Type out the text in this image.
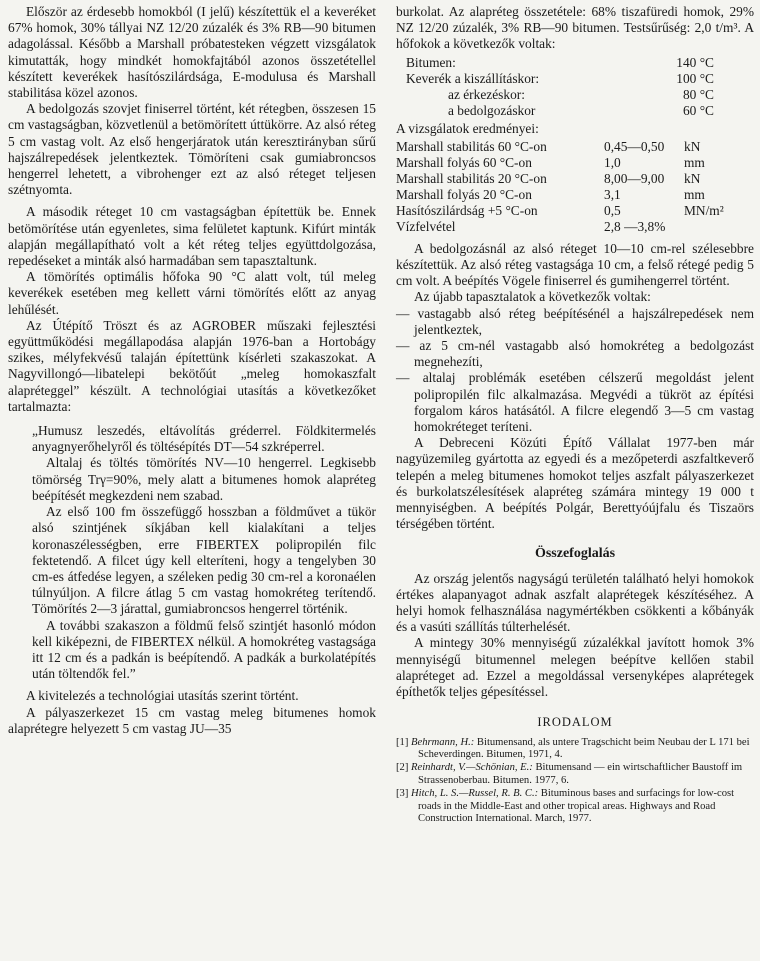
Először az érdesebb homokból (I jelű) készítettük el a keveréket 67% homok, 30% tállyai NZ 12/20 zúzalék és 3% RB—90 bitumen adagolással. Később a Marshall próbatesteken végzett vizsgálatok kimutatták, hogy mindkét homokfajtából azonos összetétellel készített keverékek hasítószilárdsága, E-modulusa és Marshall stabilitása közel azonos.

A bedolgozás szovjet finiserrel történt, két rétegben, összesen 15 cm vastagságban, közvetlenül a betömörített úttükörre. Az alsó réteg 5 cm vastag volt. Az első hengerjáratok után keresztirányban sűrű hajszálrepedések jelentkeztek. Tömöríteni csak gumiabroncsos hengerrel lehetett, a vibrohenger ezt az alsó réteget teljesen szétnyomta.

A második réteget 10 cm vastagságban építettük be. Ennek betömörítése után egyenletes, sima felületet kaptunk. Kifúrt minták alapján megállapítható volt a két réteg teljes együttdolgozása, repedéseket a minták alsó harmadában sem tapasztaltunk.

A tömörítés optimális hőfoka 90 °C alatt volt, túl meleg keverékek esetében meg kellett várni tömörítés előtt az anyag lehűlését.

Az Útépítő Tröszt és az AGROBER műszaki fejlesztési együttműködési megállapodása alapján 1976-ban a Hortobágy szikes, mélyfekvésű talaján építettünk kísérleti szakaszokat. A Nagyvillongó—libatelepi bekötőút „meleg homokaszfalt alapréteggel” készült. A technológiai utasítás a következőket tartalmazta:

„Humusz leszedés, eltávolítás gréderrel. Földkitermelés anyagnyerőhelyről és töltésépítés DT—54 szkréperrel.

Altalaj és töltés tömörítés NV—10 hengerrel. Legkisebb tömörség Trγ=90%, mely alatt a bitumenes homok alapréteg beépítését megkezdeni nem szabad.

Az első 100 fm összefüggő hosszban a földművet a tükör alsó szintjének síkjában kell kialakítani a teljes koronaszélességben, erre FIBERTEX polipropilén filc fektetendő. A filcet úgy kell elteríteni, hogy a tengelyben 30 cm-es átfedése legyen, a széleken pedig 30 cm-rel a koronaélen túlnyúljon. A filcre átlag 5 cm vastag homokréteg terítendő. Tömörítés 2—3 járattal, gumiabroncsos hengerrel történik.

A további szakaszon a földmű felső szintjét hasonló módon kell kiképezni, de FIBERTEX nélkül. A homokréteg vastagsága itt 12 cm és a padkán is beépítendő. A padkák a burkolatépítés után töltendők fel.”

A kivitelezés a technológiai utasítás szerint történt.

A pályaszerkezet 15 cm vastag meleg bitumenes homok alaprétegre helyezett 5 cm vastag JU—35

burkolat. Az alapréteg összetétele: 68% tiszafüredi homok, 29% NZ 12/20 zúzalék, 3% RB—90 bitumen. Testsűrűség: 2,0 t/m³. A hőfokok a következők voltak:

Bitumen:	140 °C
Keverék a kiszállításkor:	100 °C
az érkezéskor:	80 °C
a bedolgozáskor	60 °C

A vizsgálatok eredményei:

Marshall stabilitás 60 °C-on	0,45—0,50	kN
Marshall folyás 60 °C-on	1,0	mm
Marshall stabilitás 20 °C-on	8,00—9,00	kN
Marshall folyás 20 °C-on	3,1	mm
Hasítószilárdság +5 °C-on	0,5	MN/m²
Vízfelvétel	2,8 —3,8%	

A bedolgozásnál az alsó réteget 10—10 cm-rel szélesebbre készítettük. Az alsó réteg vastagsága 10 cm, a felső rétegé pedig 5 cm volt. A beépítés Vögele finiserrel és gumihengerrel történt.

Az újabb tapasztalatok a következők voltak:

— vastagabb alsó réteg beépítésénél a hajszálrepedések nem jelentkeztek,

— az 5 cm-nél vastagabb alsó homokréteg a bedolgozást megnehezíti,

— altalaj problémák esetében célszerű megoldást jelent polipropilén filc alkalmazása. Megvédi a tükröt az építési forgalom káros hatásától. A filcre elegendő 3—5 cm vastag homokréteget teríteni.

A Debreceni Közúti Építő Vállalat 1977-ben már nagyüzemileg gyártotta az egyedi és a mezőpeterdi aszfaltkeverő telepén a meleg bitumenes homokot teljes aszfalt pályaszerkezet és burkolatszélesítések alapréteg számára mintegy 19 000 t mennyiségben. A beépítés Polgár, Berettyóújfalu és Tiszaörs térségében történt.

Összefoglalás

Az ország jelentős nagyságú területén található helyi homokok értékes alapanyagot adnak aszfalt alaprétegek készítéséhez. A helyi homok felhasználása nagymértékben csökkenti a kőbányák és a vasúti szállítás túlterhelését.

A mintegy 30% mennyiségű zúzalékkal javított homok 3% mennyiségű bitumennel melegen beépítve kellően stabil alapréteget ad. Ezzel a megoldással versenyképes alaprétegek építhetők teljes gépesítéssel.

IRODALOM
[1] Behrmann, H.: Bitumensand, als untere Tragschicht beim Neubau der L 171 bei Scheverdingen. Bitumen, 1971, 4.
[2] Reinhardt, V.—Schönian, E.: Bitumensand — ein wirtschaftlicher Baustoff im Strassenoberbau. Bitumen. 1977, 6.
[3] Hitch, L. S.—Russel, R. B. C.: Bituminous bases and surfacings for low-cost roads in the Middle-East and other tropical areas. Highways and Road Construction International. March, 1977.
